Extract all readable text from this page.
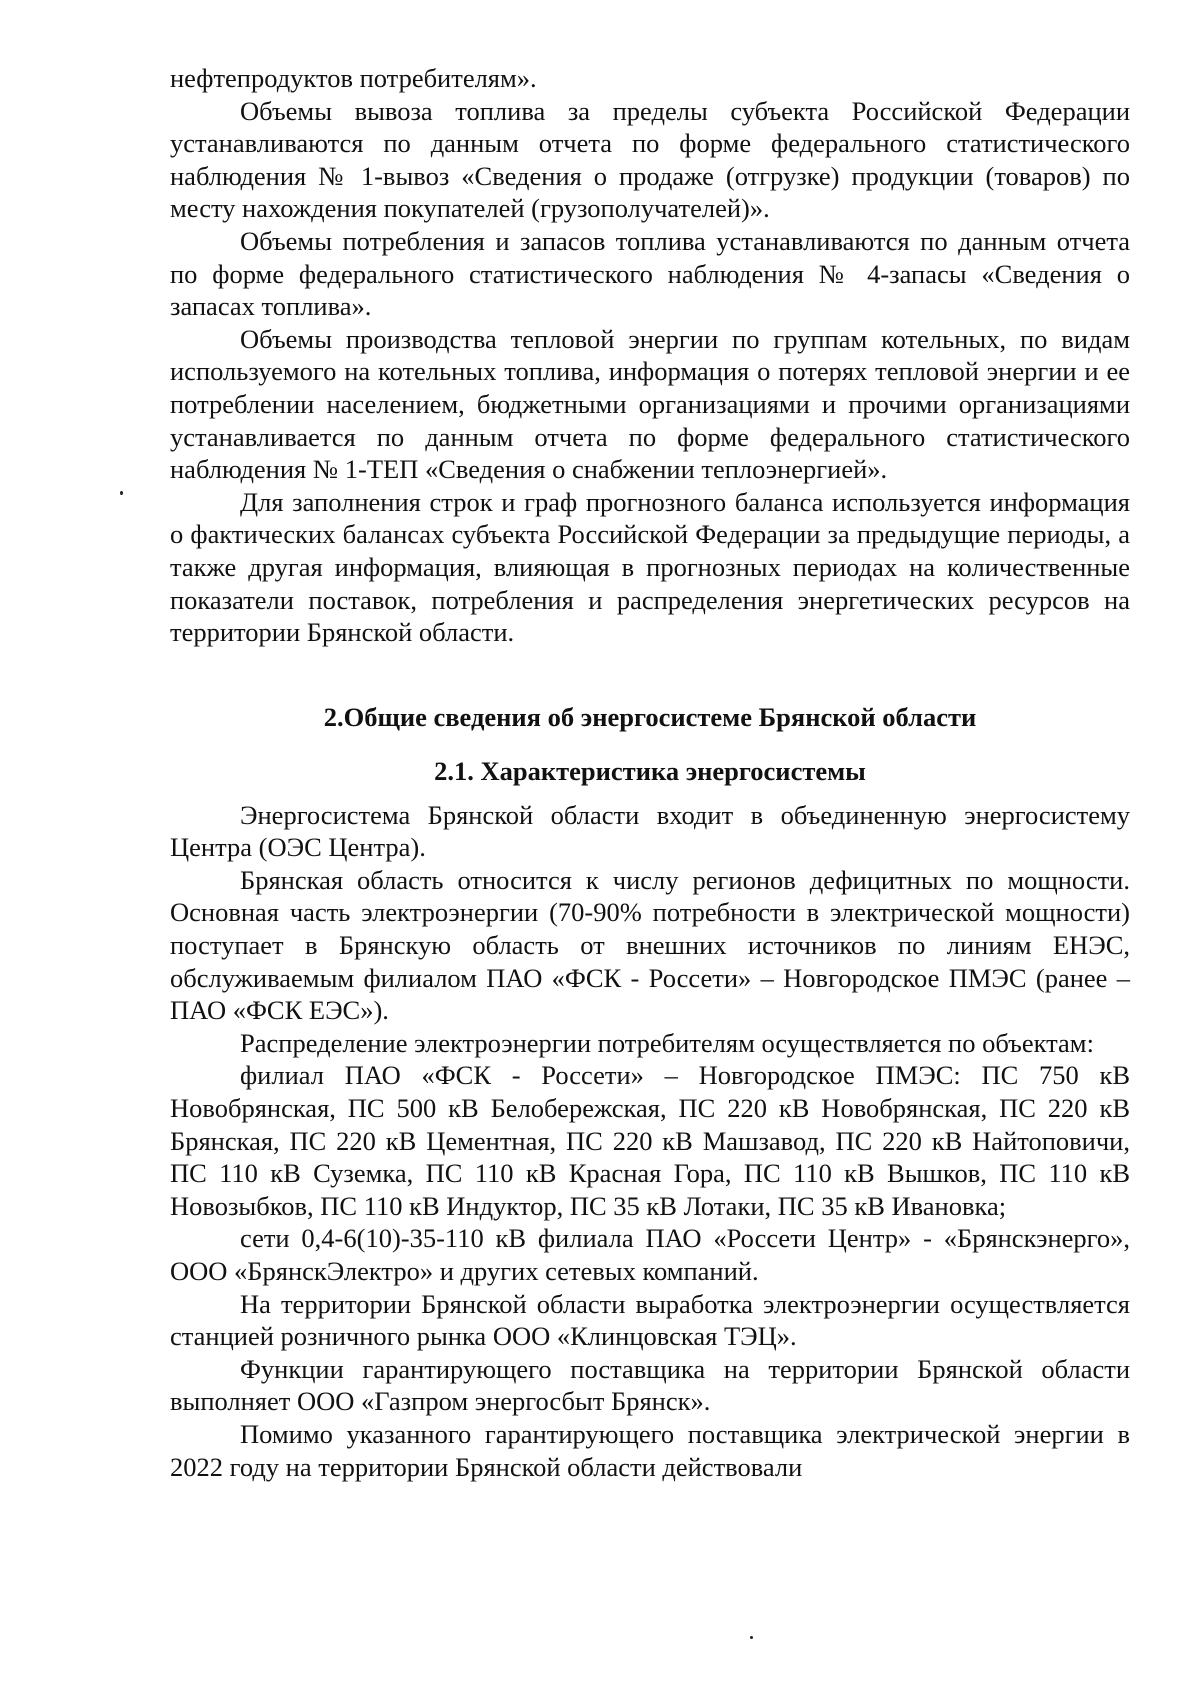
нефтепродуктов потребителям».

Объемы вывоза топлива за пределы субъекта Российской Федерации устанавливаются по данным отчета по форме федерального статистического наблюдения № 1-вывоз «Сведения о продаже (отгрузке) продукции (товаров) по месту нахождения покупателей (грузополучателей)».

Объемы потребления и запасов топлива устанавливаются по данным отчета по форме федерального статистического наблюдения № 4-запасы «Сведения о запасах топлива».

Объемы производства тепловой энергии по группам котельных, по видам используемого на котельных топлива, информация о потерях тепловой энергии и ее потреблении населением, бюджетными организациями и прочими организациями устанавливается по данным отчета по форме федерального статистического наблюдения № 1-ТЕП «Сведения о снабжении теплоэнергией».

Для заполнения строк и граф прогнозного баланса используется информация о фактических балансах субъекта Российской Федерации за предыдущие периоды, а также другая информация, влияющая в прогнозных периодах на количественные показатели поставок, потребления и распределения энергетических ресурсов на территории Брянской области.

2.Общие сведения об энергосистеме Брянской области
2.1. Характеристика энергосистемы

Энергосистема Брянской области входит в объединенную энергосистему Центра (ОЭС Центра).

Брянская область относится к числу регионов дефицитных по мощности. Основная часть электроэнергии (70-90% потребности в электрической мощности) поступает в Брянскую область от внешних источников по линиям ЕНЭС, обслуживаемым филиалом ПАО «ФСК - Россети» – Новгородское ПМЭС (ранее – ПАО «ФСК ЕЭС»).

Распределение электроэнергии потребителям осуществляется по объектам:

филиал ПАО «ФСК - Россети» – Новгородское ПМЭС: ПС 750 кВ Новобрянская, ПС 500 кВ Белобережская, ПС 220 кВ Новобрянская, ПС 220 кВ Брянская, ПС 220 кВ Цементная, ПС 220 кВ Машзавод, ПС 220 кВ Найтоповичи, ПС 110 кВ Суземка, ПС 110 кВ Красная Гора, ПС 110 кВ Вышков, ПС 110 кВ Новозыбков, ПС 110 кВ Индуктор, ПС 35 кВ Лотаки, ПС 35 кВ Ивановка;

сети 0,4-6(10)-35-110 кВ филиала ПАО «Россети Центр» - «Брянскэнерго», ООО «БрянскЭлектро» и других сетевых компаний.

На территории Брянской области выработка электроэнергии осуществляется станцией розничного рынка ООО «Клинцовская ТЭЦ».

Функции гарантирующего поставщика на территории Брянской области выполняет ООО «Газпром энергосбыт Брянск».

Помимо указанного гарантирующего поставщика электрической энергии в 2022 году на территории Брянской области действовали
